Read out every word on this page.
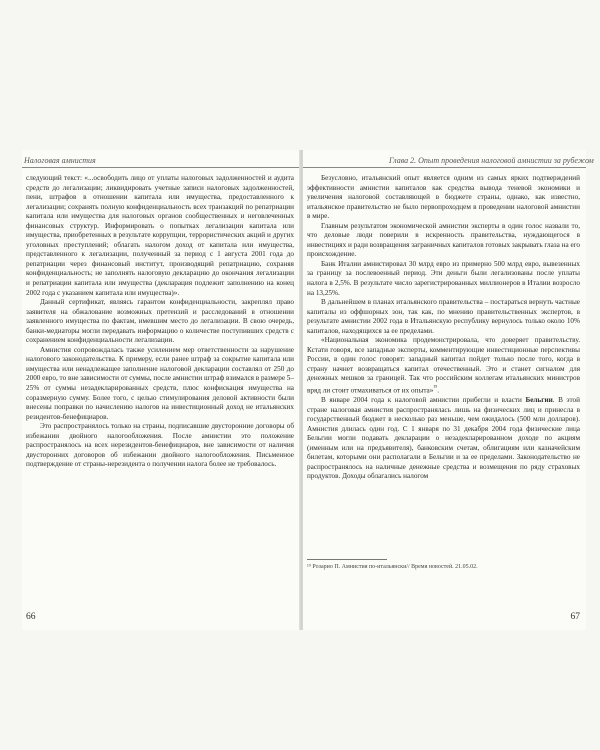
Налоговая амнистия

следующий текст: «...освободить лицо от уплаты налоговых задолженностей и аудита средств до легализации; ликвидировать учетные записи налоговых задолженностей, пени, штрафов в отношении капитала или имущества, предоставленного к легализации; сохранять полную конфиденциальность всех транзакций по репатриации капитала или имущества для налоговых органов сообщественных и неговлеченных финансовых структур. Информировать о попытках легализации капитала или имущества, приобретенных в результате коррупции, террористических акций и других уголовных преступлений; облагать налогом доход от капитала или имущества, представленного к легализации, полученный за период с 1 августа 2001 года до репатриации через финансовый институт, производящий репатриацию, сохраняя конфиденциальность; не заполнять налоговую декларацию до окончания легализации и репатриации капитала или имущества (декларация подлежит заполнению на конец 2002 года с указанием капитала или имущества)».

Данный сертификат, являясь гарантом конфиденциальности, закреплял право заявителя на обжалование возможных претензий и расследований в отношении заявленного имущества по фактам, имевшим место до легализации. В свою очередь, банки-медиаторы могли передавать информацию о количестве поступивших средств с сохранением конфиденциальности легализации.

Амнистия сопровождалась также усилением мер ответственности за нарушение налогового законодательства. К примеру, если ранее штраф за сокрытие капитала или имущества или ненадлежащее заполнение налоговой декларации составлял от 250 до 2000 евро, то вне зависимости от суммы, после амнистии штраф взимался в размере 5–25% от суммы незадекларированных средств, плюс конфискация имущества на соразмерную сумму. Более того, с целью стимулирования деловой активности были внесены поправки по начислению налогов на инвестиционный доход не итальянских резидентов-бенефициаров.

Это распространялось только на страны, подписавшие двусторонние договоры об избежании двойного налогообложения. После амнистии это положение распространялось на всех нерезидентов-бенефициаров, вне зависимости от наличия двусторонних договоров об избежании двойного налогообложения. Письменное подтверждение от страны-нерезидента о получении налога более не требовалось.

66
Глава 2. Опыт проведения налоговой амнистии за рубежом

Безусловно, итальянский опыт является одним из самых ярких подтверждений эффективности амнистии капиталов как средства вывода теневой экономики и увеличения налоговой составляющей в бюджете страны, однако, как известно, итальянское правительство не было первопроходцем в проведении налоговой амнистии в мире.

Главным результатом экономической амнистии эксперты в один голос назвали то, что деловые люди поверили в искренность правительства, нуждающегося в инвестициях и ради возвращения заграничных капиталов готовых закрывать глаза на его происхождение.

Банк Италии амнистировал 30 млрд евро из примерно 500 млрд евро, вывезенных за границу за послевоенный период. Эти деньги были легализованы после уплаты налога в 2,5%. В результате число зарегистрированных миллионеров в Италии возросло на 13,25%.

В дальнейшем в планах итальянского правительства – постараться вернуть частные капиталы из оффшорных зон, так как, по мнению правительственных экспертов, в результате амнистии 2002 года в Итальянскую республику вернулось только около 10% капиталов, находящихся за ее пределами.

«Национальная экономика продемонстрировала, что доверяет правительству. Кстати говоря, все западные эксперты, комментирующие инвестиционные перспективы России, в один голос говорят: западный капитал пойдет только после того, когда в страну начнет возвращаться капитал отечественный. Это и станет сигналом для денежных мешков за границей. Так что российским коллегам итальянских министров вряд ли стоит отмахиваться от их опыта»$^{^{19}}$.

В январе 2004 года к налоговой амнистии прибегли и власти Бельгии. В этой стране налоговая амнистия распространялась лишь на физических лиц и принесла в государственный бюджет в несколько раз меньше, чем ожидалось (500 млн долларов). Амнистия длилась один год. С 1 января по 31 декабря 2004 года физические лица Бельгии могли подавать декларации о незадекларированном доходе по акциям (именным или на предъявителя), банковским счетам, облигациям или казначейским билетам, которыми они располагали в Бельгии и за ее пределами. Законодательство не распространялось на наличные денежные средства и возмещения по ряду страховых продуктов. Доходы облагались налогом

¹⁹ Розарио П. Амнистия по-итальянски// Время новостей. 21.05.02.
67
